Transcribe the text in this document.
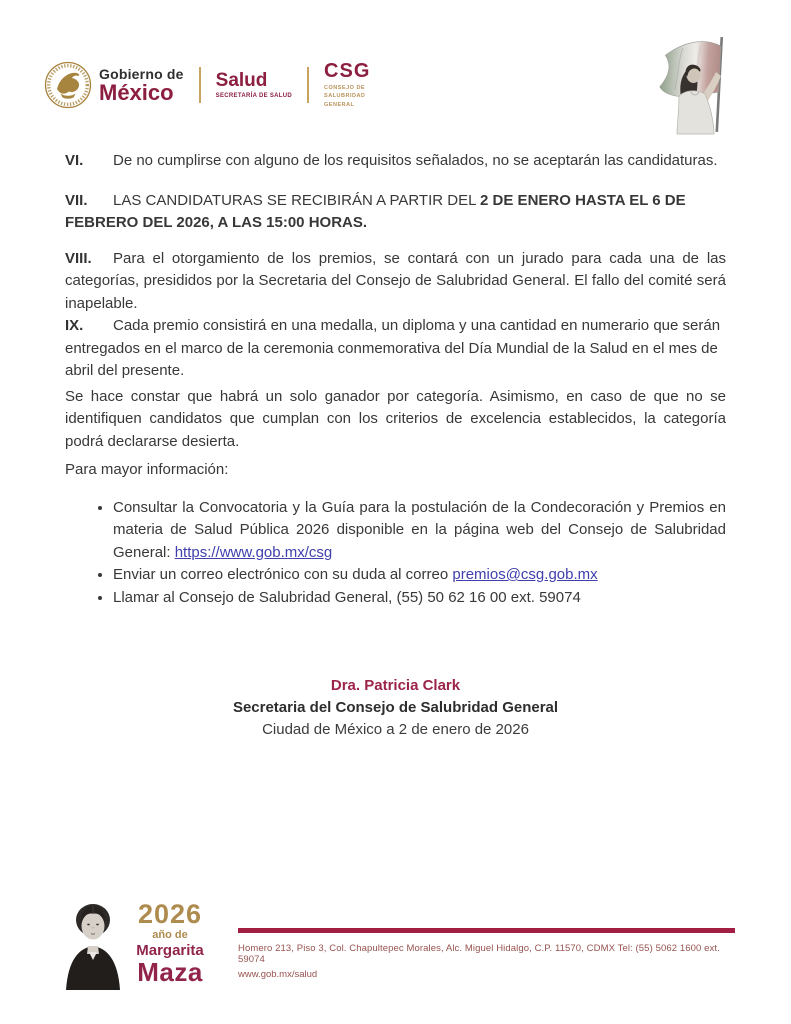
Gobierno de
México	Salud
SECRETARÍA DE SALUD
CSG
CONSEJO DE SALUBRIDAD
GENERAL

VI. De no cumplirse con alguno de los requisitos señalados, no se aceptarán las candidaturas.

VII. LAS CANDIDATURAS SE RECIBIRÁN A PARTIR DEL 2 DE ENERO HASTA EL 6 DE FEBRERO DEL 2026, A LAS 15:00 HORAS.

VIII. Para el otorgamiento de los premios, se contará con un jurado para cada una de las categorías, presididos por la Secretaria del Consejo de Salubridad General. El fallo del comité será inapelable.

IX. Cada premio consistirá en una medalla, un diploma y una cantidad en numerario que serán entregados en el marco de la ceremonia conmemorativa del Día Mundial de la Salud en el mes de abril del presente.

Se hace constar que habrá un solo ganador por categoría. Asimismo, en caso de que no se identifiquen candidatos que cumplan con los criterios de excelencia establecidos, la categoría podrá declararse desierta.

Para mayor información:

• Consultar la Convocatoria y la Guía para la postulación de la Condecoración y Premios en materia de Salud Pública 2026 disponible en la página web del Consejo de Salubridad General: https://www.gob.mx/csg
• Enviar un correo electrónico con su duda al correo premios@csg.gob.mx
• Llamar al Consejo de Salubridad General, (55) 50 62 16 00 ext. 59074
Dra. Patricia Clark
Secretaria del Consejo de Salubridad General
Ciudad de México a 2 de enero de 2026
2026
año de
Margarita
Maza
Homero 213, Piso 3, Col. Chapultepec Morales, Alc. Miguel Hidalgo, C.P. 11570, CDMX Tel: (55) 5062 1600 ext. 59074
www.gob.mx/salud
